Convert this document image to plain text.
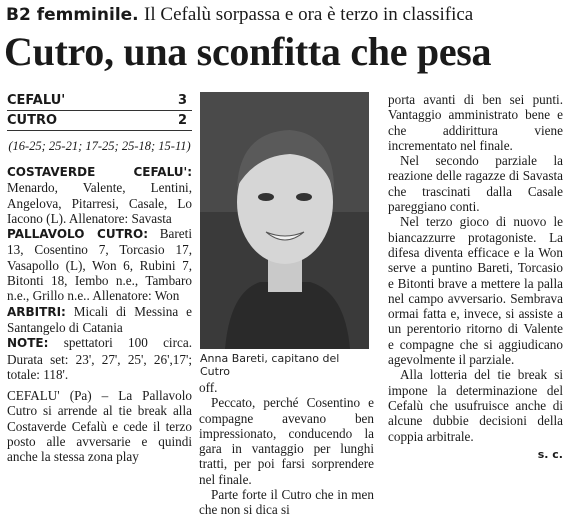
B2 femminile. Il Cefalù sorpassa e ora è terzo in classifica
Cutro, una sconfitta che pesa
CEFALU'	3
CUTRO	2
(16-25; 25-21; 17-25; 25-18; 15-11)

COSTAVERDE CEFALU': Menardo, Valente, Lentini, Angelova, Pitarresi, Casale, Lo Iacono (L). Allenatore: Savasta

PALLAVOLO CUTRO: Bareti 13, Cosentino 7, Torcasio 17, Vasapollo (L), Won 6, Rubini 7, Bitonti 18, Iembo n.e., Tambaro n.e., Grillo n.e.. Allenatore: Won

ARBITRI: Micali di Messina e Santangelo di Catania

NOTE: spettatori 100 circa. Durata set: 23', 27', 25', 26',17'; totale: 118'.

CEFALU' (Pa) – La Pallavolo Cutro si arrende al tie break alla Costaverde Cefalù e cede il terzo posto alle avversarie e quindi anche la stessa zona play

Anna Bareti, capitano del Cutro

off.

Peccato, perché Cosentino e compagne avevano ben impressionato, conducendo la gara in vantaggio per lunghi tratti, per poi farsi sorprendere nel finale.

Parte forte il Cutro che in men che non si dica si

porta avanti di ben sei punti. Vantaggio amministrato bene e che addirittura viene incrementato nel finale.

Nel secondo parziale la reazione delle ragazze di Savasta che trascinati dalla Casale pareggiano conti.

Nel terzo gioco di nuovo le biancazzurre protagoniste. La difesa diventa efficace e la Won serve a puntino Bareti, Torcasio e Bitonti brave a mettere la palla nel campo avversario. Sembrava ormai fatta e, invece, si assiste a un perentorio ritorno di Valente e compagne che si aggiudicano agevolmente il parziale.

Alla lotteria del tie break si impone la determinazione del Cefalù che usufruisce anche di alcune dubbie decisioni della coppia arbitrale.

s. c.
